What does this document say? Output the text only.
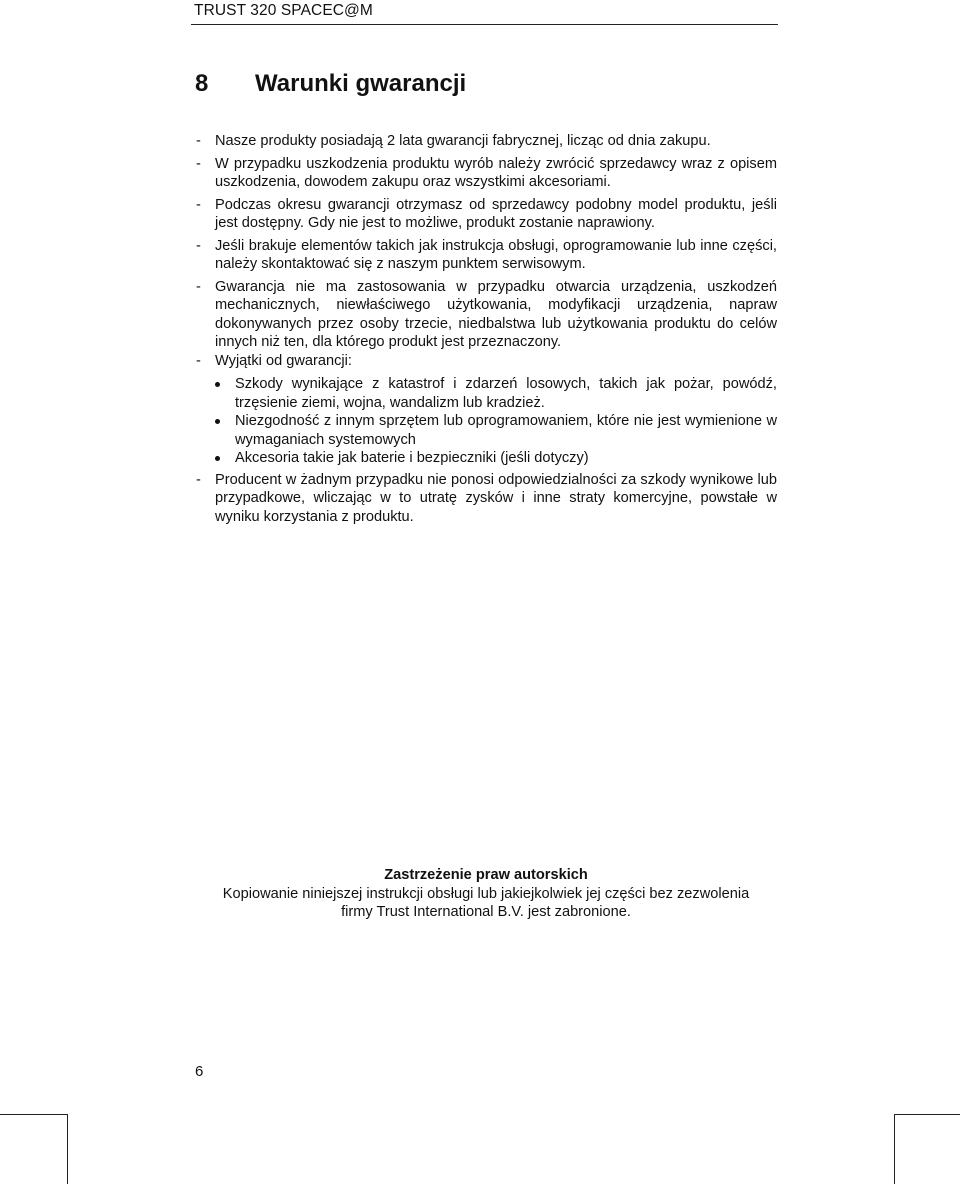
TRUST 320 SPACEC@M
8 Warunki gwarancji
- Nasze produkty posiadają 2 lata gwarancji fabrycznej, licząc od dnia zakupu.
- W przypadku uszkodzenia produktu wyrób należy zwrócić sprzedawcy wraz z opisem uszkodzenia, dowodem zakupu oraz wszystkimi akcesoriami.
- Podczas okresu gwarancji otrzymasz od sprzedawcy podobny model produktu, jeśli jest dostępny. Gdy nie jest to możliwe, produkt zostanie naprawiony.
- Jeśli brakuje elementów takich jak instrukcja obsługi, oprogramowanie lub inne części, należy skontaktować się z naszym punktem serwisowym.
- Gwarancja nie ma zastosowania w przypadku otwarcia urządzenia, uszkodzeń mechanicznych, niewłaściwego użytkowania, modyfikacji urządzenia, napraw dokonywanych przez osoby trzecie, niedbalstwa lub użytkowania produktu do celów innych niż ten, dla którego produkt jest przeznaczony.
- Wyjątki od gwarancji:
Szkody wynikające z katastrof i zdarzeń losowych, takich jak pożar, powódź, trzęsienie ziemi, wojna, wandalizm lub kradzież.
Niezgodność z innym sprzętem lub oprogramowaniem, które nie jest wymienione w wymaganiach systemowych
Akcesoria takie jak baterie i bezpieczniki (jeśli dotyczy)
- Producent w żadnym przypadku nie ponosi odpowiedzialności za szkody wynikowe lub przypadkowe, wliczając w to utratę zysków i inne straty komercyjne, powstałe w wyniku korzystania z produktu.
Zastrzeżenie praw autorskich
Kopiowanie niniejszej instrukcji obsługi lub jakiejkolwiek jej części bez zezwolenia
firmy Trust International B.V. jest zabronione.
6
